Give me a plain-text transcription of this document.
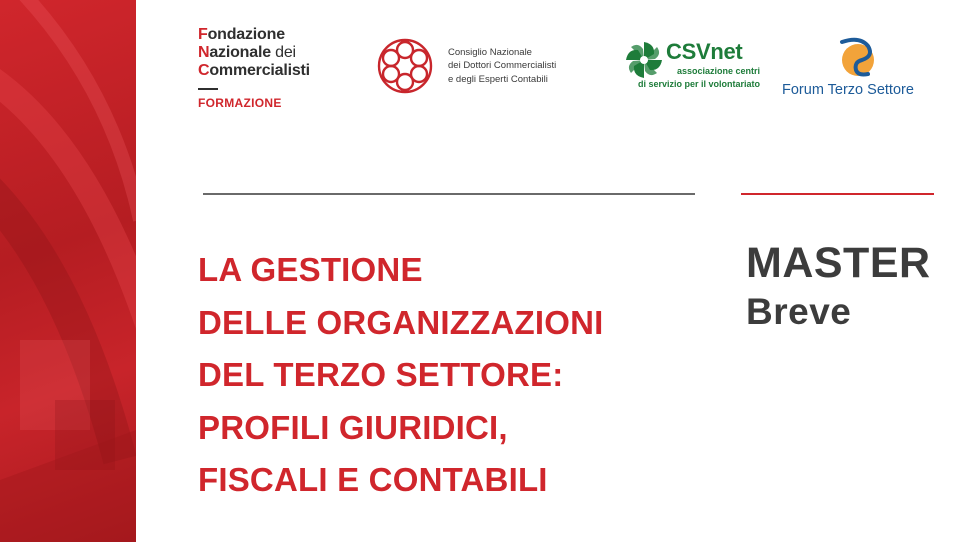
Fondazione
Nazionale dei
Commercialisti
FORMAZIONE
Consiglio Nazionale
dei Dottori Commercialisti
e degli Esperti Contabili
CSVnet
associazione centri
di servizio per il volontariato Forum Terzo Settore
LA GESTIONE
DELLE ORGANIZZAZIONI
DEL TERZO SETTORE:
PROFILI GIURIDICI,
FISCALI E CONTABILI
MASTER
Breve
